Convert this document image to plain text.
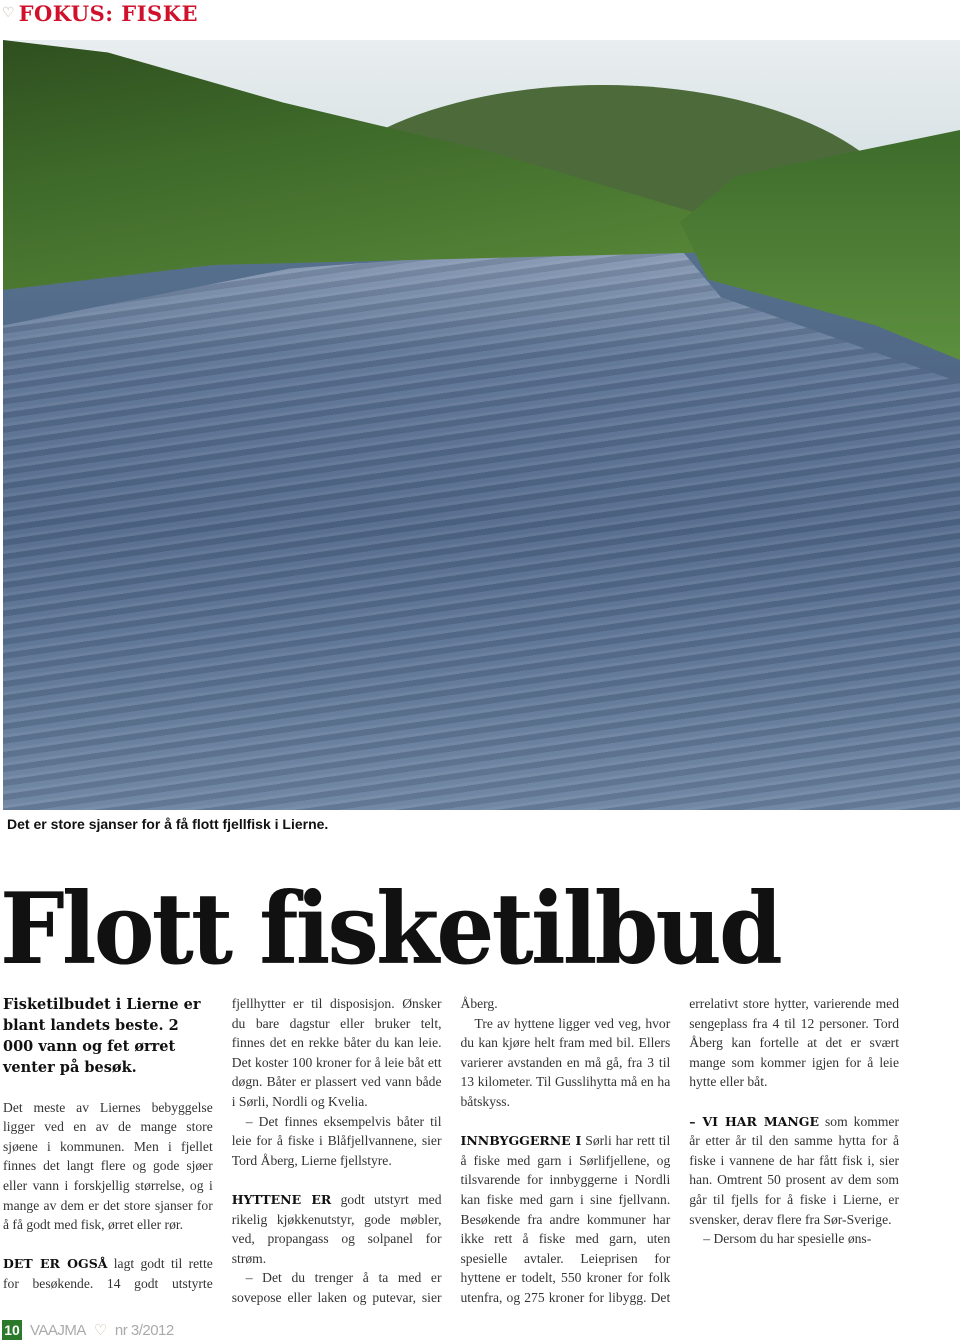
♡ FOKUS: FISKE
Det er store sjanser for å få flott fjellfisk i Lierne.
Flott fisketilbud

Fisketilbudet i Lierne er blant landets beste. 2 000 vann og fet ørret venter på besøk.

Det meste av Liernes bebyggelse ligger ved en av de mange store sjøene i kommunen. Men i fjellet finnes det langt flere og gode sjøer eller vann i forskjellig størrelse, og i mange av dem er det store sjanser for å få godt med fisk, ørret eller rør.

DET ER OGSÅ lagt godt til rette for besøkende. 14 godt utstyrte fjellhytter er til disposisjon. Ønsker du bare dagstur eller bruker telt, finnes det en rekke båter du kan leie. Det koster 100 kroner for å leie båt ett døgn. Båter er plassert ved vann både i Sørli, Nordli og Kvelia.

– Det finnes eksempelvis båter til leie for å fiske i Blåfjellvannene, sier Tord Åberg, Lierne fjellstyre.

HYTTENE ER godt utstyrt med rikelig kjøkkenutstyr, gode møbler, ved, propangass og solpanel for strøm.

– Det du trenger å ta med er sovepose eller laken og putevar, sier Åberg.

Tre av hyttene ligger ved veg, hvor du kan kjøre helt fram med bil. Ellers varierer avstanden en må gå, fra 3 til 13 kilometer. Til Gusslihytta må en ha båtskyss.

INNBYGGERNE I Sørli har rett til å fiske med garn i Sørlifjellene, og tilsvarende for innbyggerne i Nordli kan fiske med garn i sine fjellvann. Besøkende fra andre kommuner har ikke rett å fiske med garn, uten spesielle avtaler. Leieprisen for hyttene er todelt, 550 kroner for folk utenfra, og 275 kroner for libygg. Det errelativt store hytter, varierende med sengeplass fra 4 til 12 personer. Tord Åberg kan fortelle at det er svært mange som kommer igjen for å leie hytte eller båt.

– VI HAR MANGE som kommer år etter år til den samme hytta for å fiske i vannene de har fått fisk i, sier han. Omtrent 50 prosent av dem som går til fjells for å fiske i Lierne, er svensker, derav flere fra Sør-Sverige.

– Dersom du har spesielle øns-

10 VAAJMA ♡ nr 3/2012
